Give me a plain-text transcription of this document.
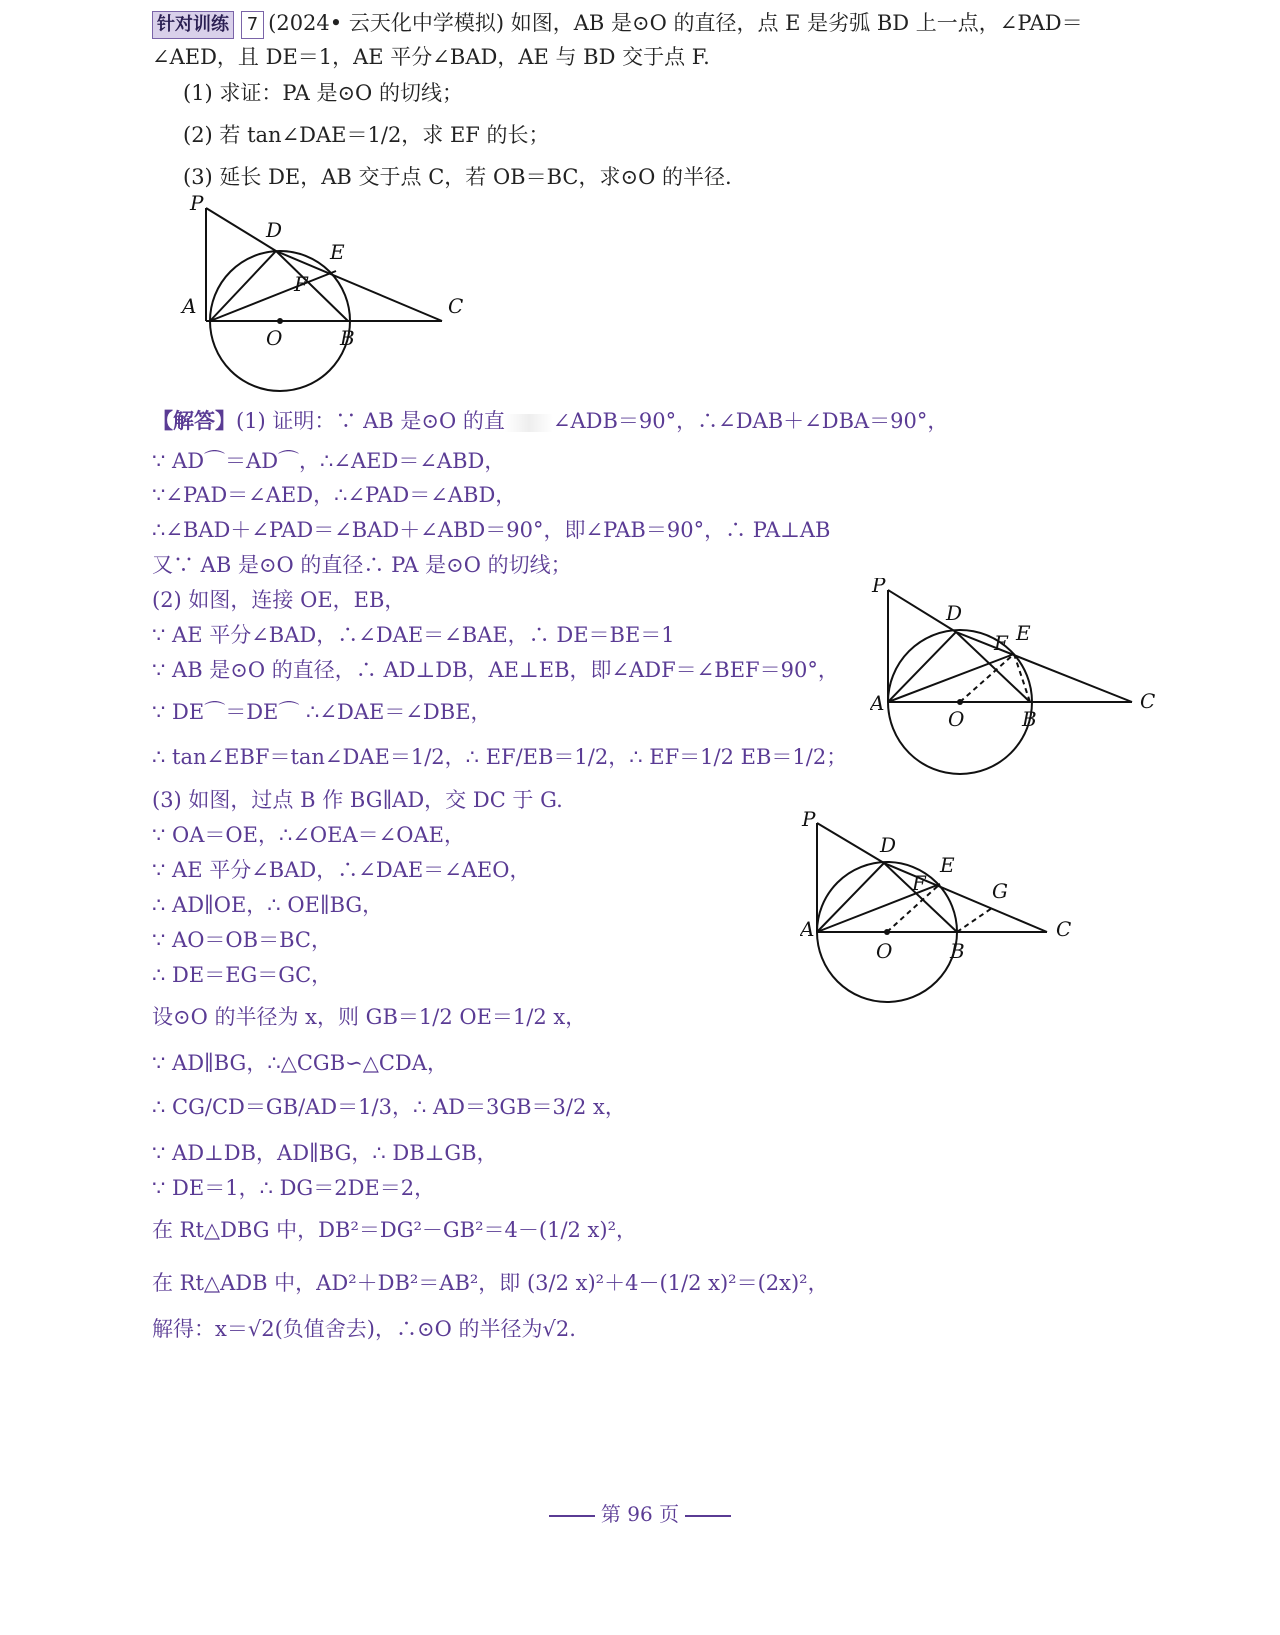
针对训练 7 (2024• 云天化中学模拟) 如图，AB 是⊙O 的直径，点 E 是劣弧 BD 上一点，∠PAD＝
∠AED，且 DE＝1，AE 平分∠BAD，AE 与 BD 交于点 F.
(1) 求证：PA 是⊙O 的切线；
(2) 若 tan∠DAE＝1/2，求 EF 的长；
(3) 延长 DE，AB 交于点 C，若 OB＝BC，求⊙O 的半径.
P
D
E
F
A
O	B
C
【解答】(1) 证明：∵ AB 是⊙O 的直 ∠ADB＝90°，∴∠DAB＋∠DBA＝90°，
∵ AD⌒＝AD⌒，∴∠AED＝∠ABD，
∵∠PAD＝∠AED，∴∠PAD＝∠ABD，
∴∠BAD＋∠PAD＝∠BAD＋∠ABD＝90°，即∠PAB＝90°，∴ PA⊥AB
又∵ AB 是⊙O 的直径∴ PA 是⊙O 的切线；
(2) 如图，连接 OE，EB，
∵ AE 平分∠BAD，∴∠DAE＝∠BAE，∴ DE＝BE＝1
∵ AB 是⊙O 的直径，∴ AD⊥DB，AE⊥EB，即∠ADF＝∠BEF＝90°，
∵ DE⌒＝DE⌒ ∴∠DAE＝∠DBE，
∴ tan∠EBF＝tan∠DAE＝1/2，∴ EF/EB＝1/2，∴ EF＝1/2 EB＝1/2；
(3) 如图，过点 B 作 BG∥AD，交 DC 于 G.
∵ OA＝OE，∴∠OEA＝∠OAE，
∵ AE 平分∠BAD，∴∠DAE＝∠AEO，
∴ AD∥OE，∴ OE∥BG，
∵ AO＝OB＝BC，
∴ DE＝EG＝GC，
设⊙O 的半径为 x，则 GB＝1/2 OE＝1/2 x，
∵ AD∥BG，∴△CGB∽△CDA，
∴ CG/CD＝GB/AD＝1/3，∴ AD＝3GB＝3/2 x，
∵ AD⊥DB，AD∥BG，∴ DB⊥GB，
∵ DE＝1，∴ DG＝2DE＝2，
在 Rt△DBG 中，DB²＝DG²－GB²＝4－(1/2 x)²，
在 Rt△ADB 中，AD²＋DB²＝AB²，即 (3/2 x)²＋4－(1/2 x)²＝(2x)²，
解得：x＝√2(负值舍去)，∴⊙O 的半径为√2.
P
D
E
F
A
O	B
C
P
D
E
F	G
A
O	B
C
第 96 页
